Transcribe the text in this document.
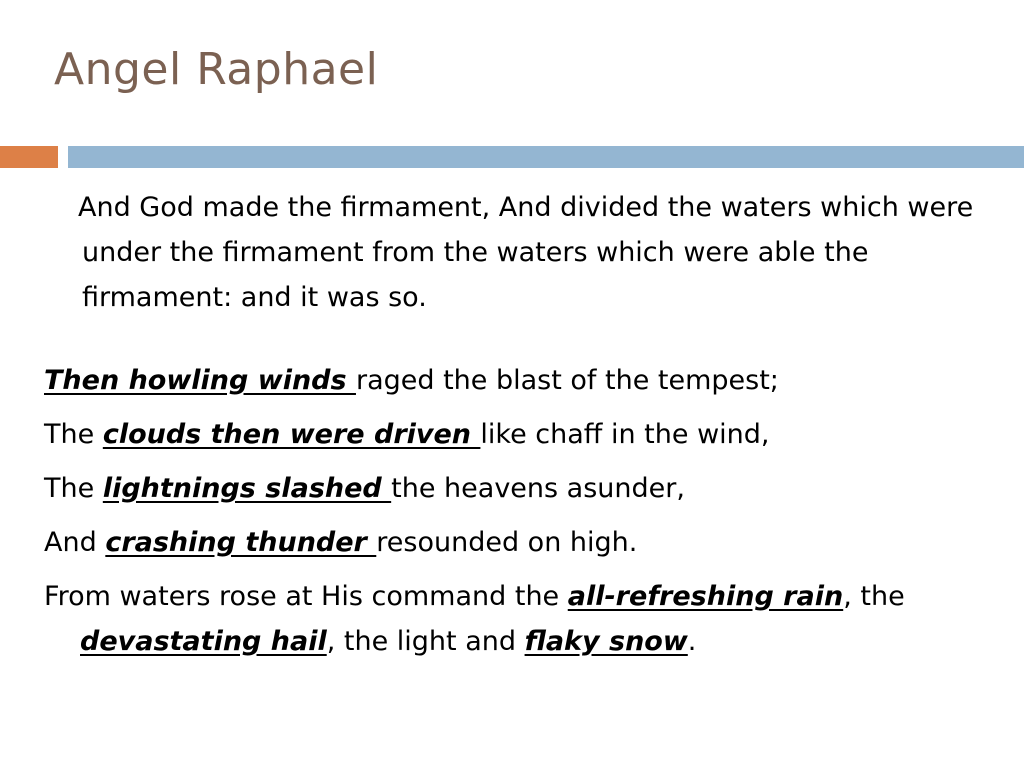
Angel Raphael

And God made the firmament, And divided the waters which were under the firmament from the waters which were able the firmament: and it was so.

Then howling winds raged the blast of the tempest;

The clouds then were driven like chaff in the wind,

The lightnings slashed the heavens asunder,

And crashing thunder resounded on high.

From waters rose at His command the all-refreshing rain, the devastating hail, the light and flaky snow.
